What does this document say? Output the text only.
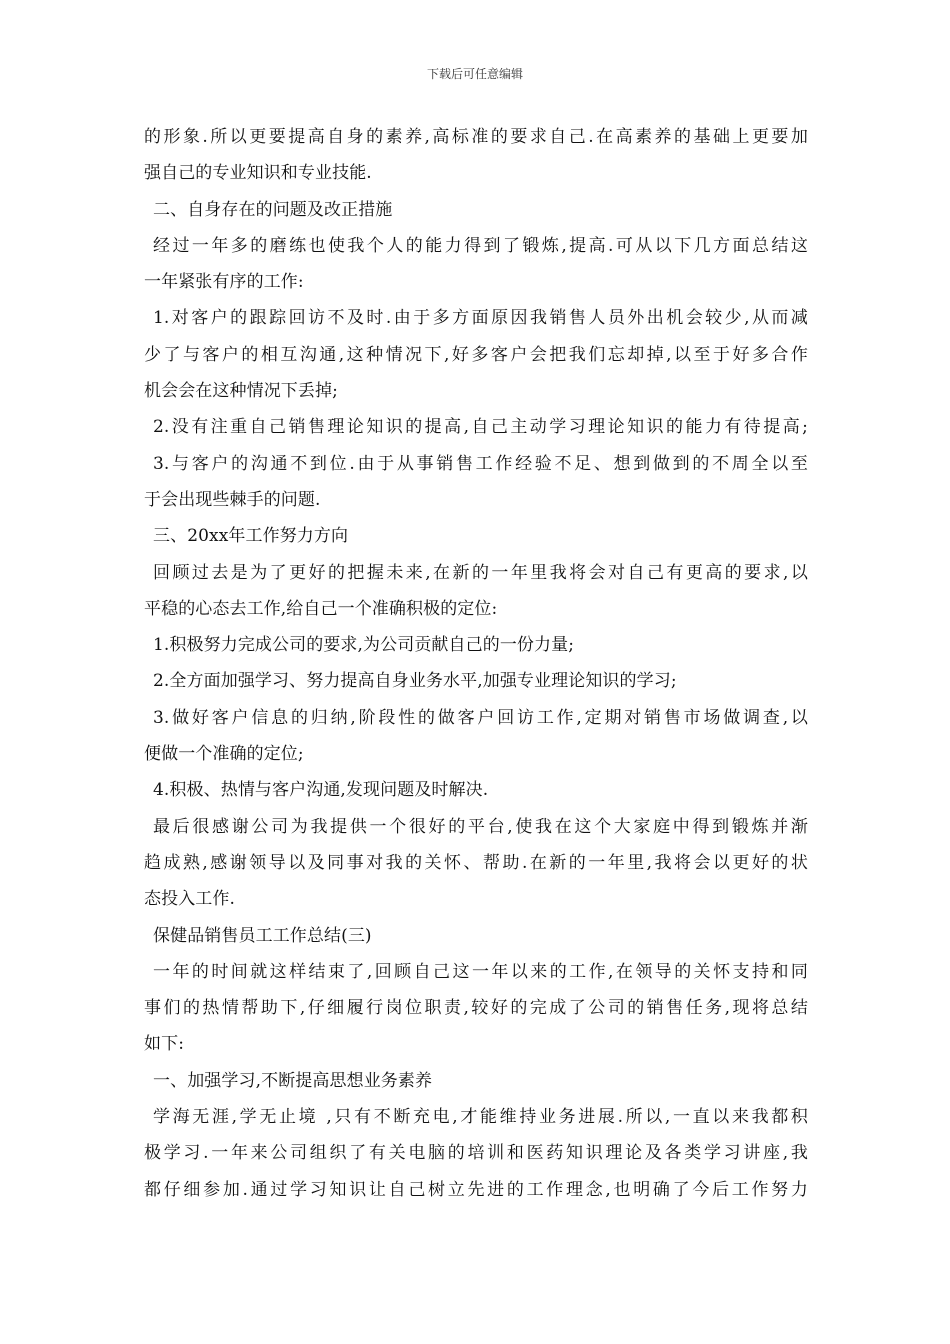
下载后可任意编辑
的形象.所以更要提高自身的素养,高标准的要求自己.在高素养的基础上更要加
强自己的专业知识和专业技能.
二、自身存在的问题及改正措施
经过一年多的磨练也使我个人的能力得到了锻炼,提高.可从以下几方面总结这
一年紧张有序的工作:
1.对客户的跟踪回访不及时.由于多方面原因我销售人员外出机会较少,从而减
少了与客户的相互沟通,这种情况下,好多客户会把我们忘却掉,以至于好多合作
机会会在这种情况下丢掉;
2.没有注重自己销售理论知识的提高,自己主动学习理论知识的能力有待提高;
3.与客户的沟通不到位.由于从事销售工作经验不足、想到做到的不周全以至
于会出现些棘手的问题.
三、20xx年工作努力方向
回顾过去是为了更好的把握未来,在新的一年里我将会对自己有更高的要求,以
平稳的心态去工作,给自己一个准确积极的定位:
1.积极努力完成公司的要求,为公司贡献自己的一份力量;
2.全方面加强学习、努力提高自身业务水平,加强专业理论知识的学习;
3.做好客户信息的归纳,阶段性的做客户回访工作,定期对销售市场做调查,以
便做一个准确的定位;
4.积极、热情与客户沟通,发现问题及时解决.
最后很感谢公司为我提供一个很好的平台,使我在这个大家庭中得到锻炼并渐
趋成熟,感谢领导以及同事对我的关怀、帮助.在新的一年里,我将会以更好的状
态投入工作.
保健品销售员工工作总结(三)
一年的时间就这样结束了,回顾自己这一年以来的工作,在领导的关怀支持和同
事们的热情帮助下,仔细履行岗位职责,较好的完成了公司的销售任务,现将总结
如下:
一、加强学习,不断提高思想业务素养
学海无涯,学无止境 ,只有不断充电,才能维持业务进展.所以,一直以来我都积
极学习.一年来公司组织了有关电脑的培训和医药知识理论及各类学习讲座,我
都仔细参加.通过学习知识让自己树立先进的工作理念,也明确了今后工作努力
